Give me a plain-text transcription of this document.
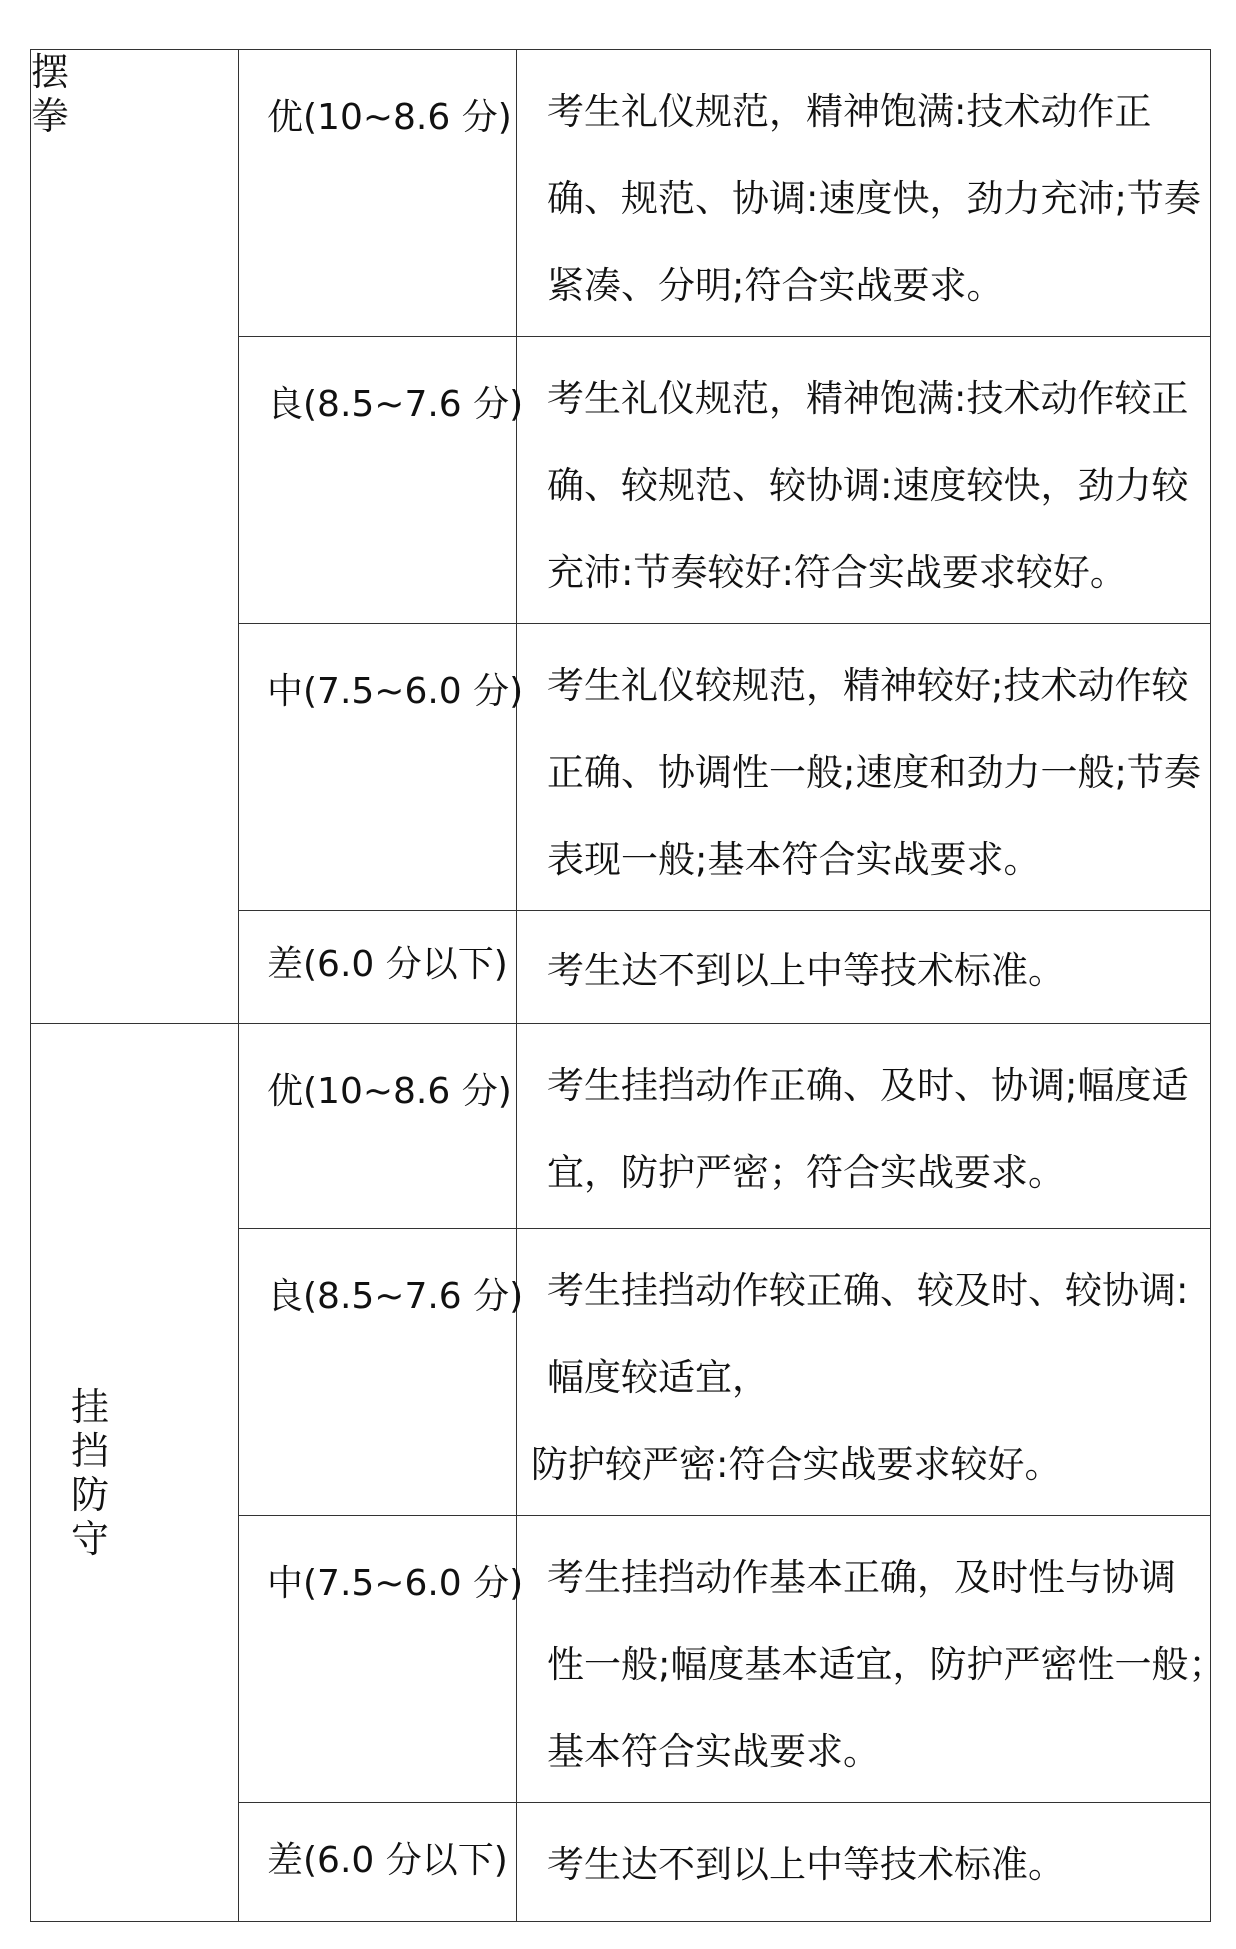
摆
拳	优(10~8.6 分)	考生礼仪规范，精神饱满:技术动作正
确、规范、协调:速度快，劲力充沛;节奏
紧凑、分明;符合实战要求。

	良(8.5~7.6 分)	考生礼仪规范，精神饱满:技术动作较正
确、较规范、较协调:速度较快，劲力较
充沛:节奏较好:符合实战要求较好。

	中(7.5~6.0 分)	考生礼仪较规范，精神较好;技术动作较
正确、协调性一般;速度和劲力一般;节奏
表现一般;基本符合实战要求。

	差(6.0 分以下)	考生达不到以上中等技术标准。

挂
挡
防
守	优(10~8.6 分)	考生挂挡动作正确、及时、协调;幅度适
宜，防护严密；符合实战要求。

	良(8.5~7.6 分)	考生挂挡动作较正确、较及时、较协调:
幅度较适宜，
防护较严密:符合实战要求较好。

	中(7.5~6.0 分)	考生挂挡动作基本正确，及时性与协调
性一般;幅度基本适宜，防护严密性一般；
基本符合实战要求。

	差(6.0 分以下)	考生达不到以上中等技术标准。
